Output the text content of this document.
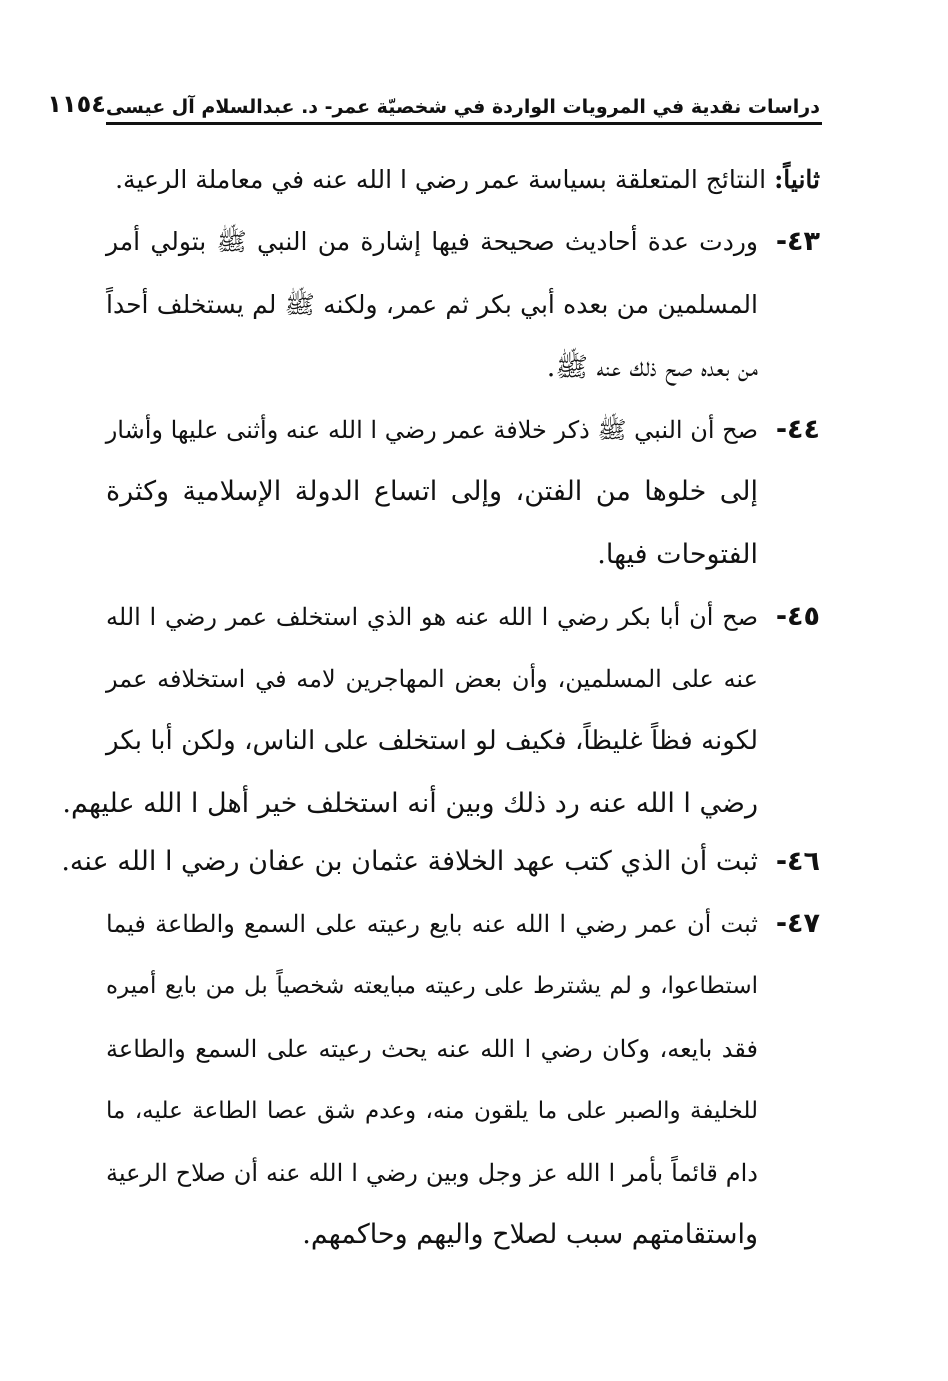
دراسات نقدية في المرويات الواردة في شخصيّة عمر- د. عبدالسلام آل عيسى
١١٥٤
ثانياً: النتائج المتعلقة بسياسة عمر رضي ا الله عنه في معاملة الرعية.
٤٣-
وردت عدة أحاديث صحيحة فيها إشارة من النبي ﷺ بتولي أمر
المسلمين من بعده أبي بكر ثم عمر، ولكنه ﷺ لم يستخلف أحداً
من بعده صح ذلك عنه ﷺ.
٤٤-
صح أن النبي ﷺ ذكر خلافة عمر رضي ا الله عنه وأثنى عليها وأشار
إلى خلوها من الفتن، وإلى اتساع الدولة الإسلامية وكثرة
الفتوحات فيها.
٤٥-
صح أن أبا بكر رضي ا الله عنه هو الذي استخلف عمر رضي ا الله
عنه على المسلمين، وأن بعض المهاجرين لامه في استخلافه عمر
لكونه فظاً غليظاً، فكيف لو استخلف على الناس، ولكن أبا بكر
رضي ا الله عنه رد ذلك وبين أنه استخلف خير أهل ا الله عليهم.
٤٦-
ثبت أن الذي كتب عهد الخلافة عثمان بن عفان رضي ا الله عنه.
٤٧-
ثبت أن عمر رضي ا الله عنه بايع رعيته على السمع والطاعة فيما
استطاعوا، و لم يشترط على رعيته مبايعته شخصياً بل من بايع أميره
فقد بايعه، وكان رضي ا الله عنه يحث رعيته على السمع والطاعة
للخليفة والصبر على ما يلقون منه، وعدم شق عصا الطاعة عليه، ما
دام قائماً بأمر ا الله عز وجل وبين رضي ا الله عنه أن صلاح الرعية
واستقامتهم سبب لصلاح واليهم وحاكمهم.
